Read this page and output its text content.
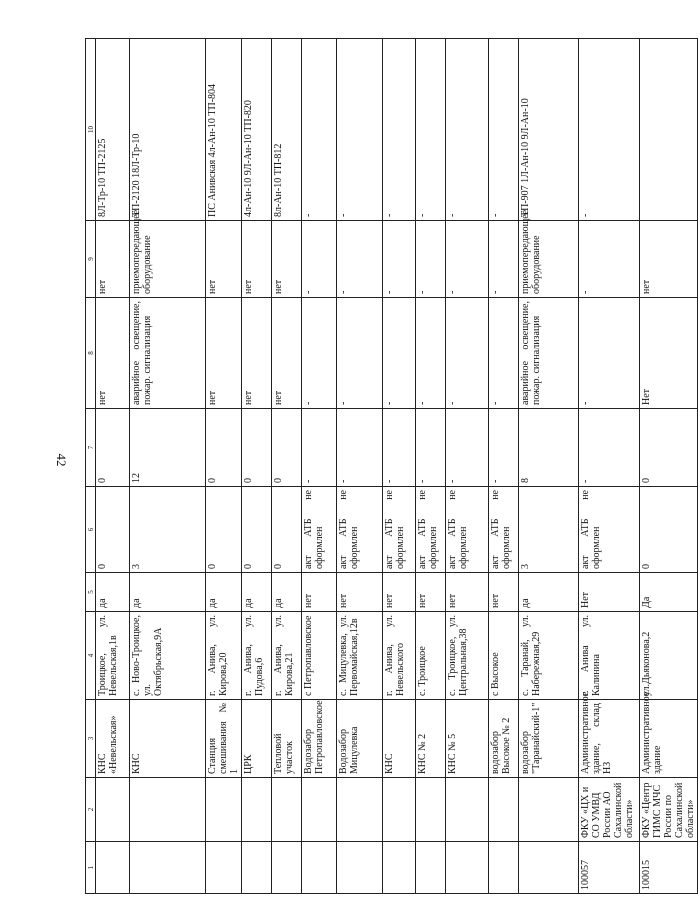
42
1	2	3	4	5	6	7	8	9	10
		КНС «Невельская»	Троицкое, ул. Невельская,1в	да	0	0	нет	нет	8Л-Тр-10 ТП-2125
		КНС	с. Ново-Троицкое, ул. Октябрьская,9А	да	3	12	аварийное освещение, пожар. сигнализация	приемопередающее оборудование	ТП-2120 18Л-Тр-10
		Станция смешивания № 1	г. Анива, ул. Кирова,20	да	0	0	нет	нет	ПС Анивская 4л-Ан-10 ТП-804
		ЦРК	г. Анива, ул. Пудова,6	да	0	0	нет	нет	4л-Ан-10 9Л-Ан-10 ТП-820
		Тепловой участок	г. Анива, ул. Кирова,21	да	0	0	нет	нет	8л-Ан-10 ТП-812
		Водозабор Петропавловское	с Петропавловское	нет	акт АТБ не оформлен	-	-	-	-
		Водозабор Мицулевка	с. Мицулевка, ул. Первомайская,12в	нет	акт АТБ не оформлен	-	-	-	-
		КНС	г. Анива, ул. Невельского	нет	акт АТБ не оформлен	-	-	-	-
		КНС № 2	с. Троицкое	нет	акт АТБ не оформлен	-	-	-	-
		КНС № 5	с. Троицкое, ул. Центральная,38	нет	акт АТБ не оформлен	-	-	-	-
		водозабор Высокое № 2	с Высокое	нет	акт АТБ не оформлен	-	-	-	-
		водозабор "Таранайский-1"	с. Таранай, ул. Набережная,29	да	3	8	аварийное освещение, пожар. сигнализация	приемопередающее оборудование	ТП-907 1Л-Ан-10 9Л-Ан-10
100057	ФКУ «ЦХ и СО УМВД России АО Сахалинской области»	Административное здание, склад НЗ	г. Анива ул. Калинина	Нет	акт АТБ не оформлен	-	-	-	-
100015	ФКУ «Центр ГИМС МЧС России по Сахалинской области»	Административное здание	ул.Дьяконова,2	Да	0	0	Нет	нет	
